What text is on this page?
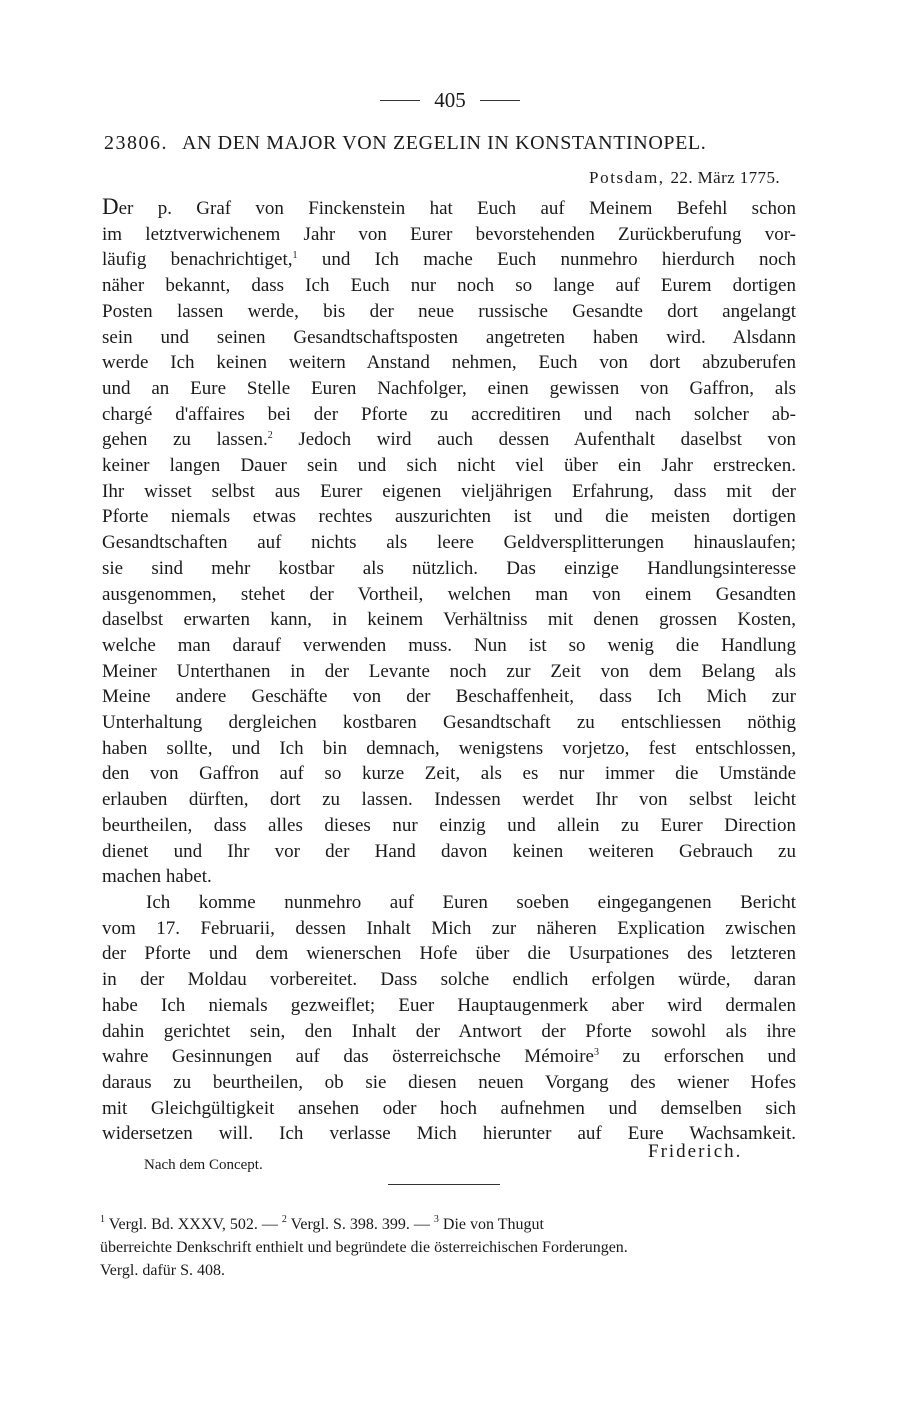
405
23806. AN DEN MAJOR VON ZEGELIN IN KONSTANTINOPEL.
Potsdam, 22. März 1775.
Der p. Graf von Finckenstein hat Euch auf Meinem Befehl schon
im letztverwichenem Jahr von Eurer bevorstehenden Zurückberufung vor-
läufig benachrichtiget,$^1$ und Ich mache Euch nunmehro hierdurch noch
näher bekannt, dass Ich Euch nur noch so lange auf Eurem dortigen
Posten lassen werde, bis der neue russische Gesandte dort angelangt
sein und seinen Gesandtschaftsposten angetreten haben wird. Alsdann
werde Ich keinen weitern Anstand nehmen, Euch von dort abzuberufen
und an Eure Stelle Euren Nachfolger, einen gewissen von Gaffron, als
chargé d'affaires bei der Pforte zu accreditiren und nach solcher ab-
gehen zu lassen.$^2$ Jedoch wird auch dessen Aufenthalt daselbst von
keiner langen Dauer sein und sich nicht viel über ein Jahr erstrecken.
Ihr wisset selbst aus Eurer eigenen vieljährigen Erfahrung, dass mit der
Pforte niemals etwas rechtes auszurichten ist und die meisten dortigen
Gesandtschaften auf nichts als leere Geldversplitterungen hinauslaufen;
sie sind mehr kostbar als nützlich. Das einzige Handlungsinteresse
ausgenommen, stehet der Vortheil, welchen man von einem Gesandten
daselbst erwarten kann, in keinem Verhältniss mit denen grossen Kosten,
welche man darauf verwenden muss. Nun ist so wenig die Handlung
Meiner Unterthanen in der Levante noch zur Zeit von dem Belang als
Meine andere Geschäfte von der Beschaffenheit, dass Ich Mich zur
Unterhaltung dergleichen kostbaren Gesandtschaft zu entschliessen nöthig
haben sollte, und Ich bin demnach, wenigstens vorjetzo, fest entschlossen,
den von Gaffron auf so kurze Zeit, als es nur immer die Umstände
erlauben dürften, dort zu lassen. Indessen werdet Ihr von selbst leicht
beurtheilen, dass alles dieses nur einzig und allein zu Eurer Direction
dienet und Ihr vor der Hand davon keinen weiteren Gebrauch zu
machen habet.
Ich komme nunmehro auf Euren soeben eingegangenen Bericht
vom 17. Februarii, dessen Inhalt Mich zur näheren Explication zwischen
der Pforte und dem wienerschen Hofe über die Usurpationes des letzteren
in der Moldau vorbereitet. Dass solche endlich erfolgen würde, daran
habe Ich niemals gezweiflet; Euer Hauptaugenmerk aber wird dermalen
dahin gerichtet sein, den Inhalt der Antwort der Pforte sowohl als ihre
wahre Gesinnungen auf das österreichsche Mémoire$^3$ zu erforschen und
daraus zu beurtheilen, ob sie diesen neuen Vorgang des wiener Hofes
mit Gleichgültigkeit ansehen oder hoch aufnehmen und demselben sich
widersetzen will. Ich verlasse Mich hierunter auf Eure Wachsamkeit.
Friderich.
Nach dem Concept.
$^1$ Vergl. Bd. XXXV, 502. — $^2$ Vergl. S. 398. 399. — $^3$ Die von Thugut
überreichte Denkschrift enthielt und begründete die österreichischen Forderungen.
Vergl. dafür S. 408.
